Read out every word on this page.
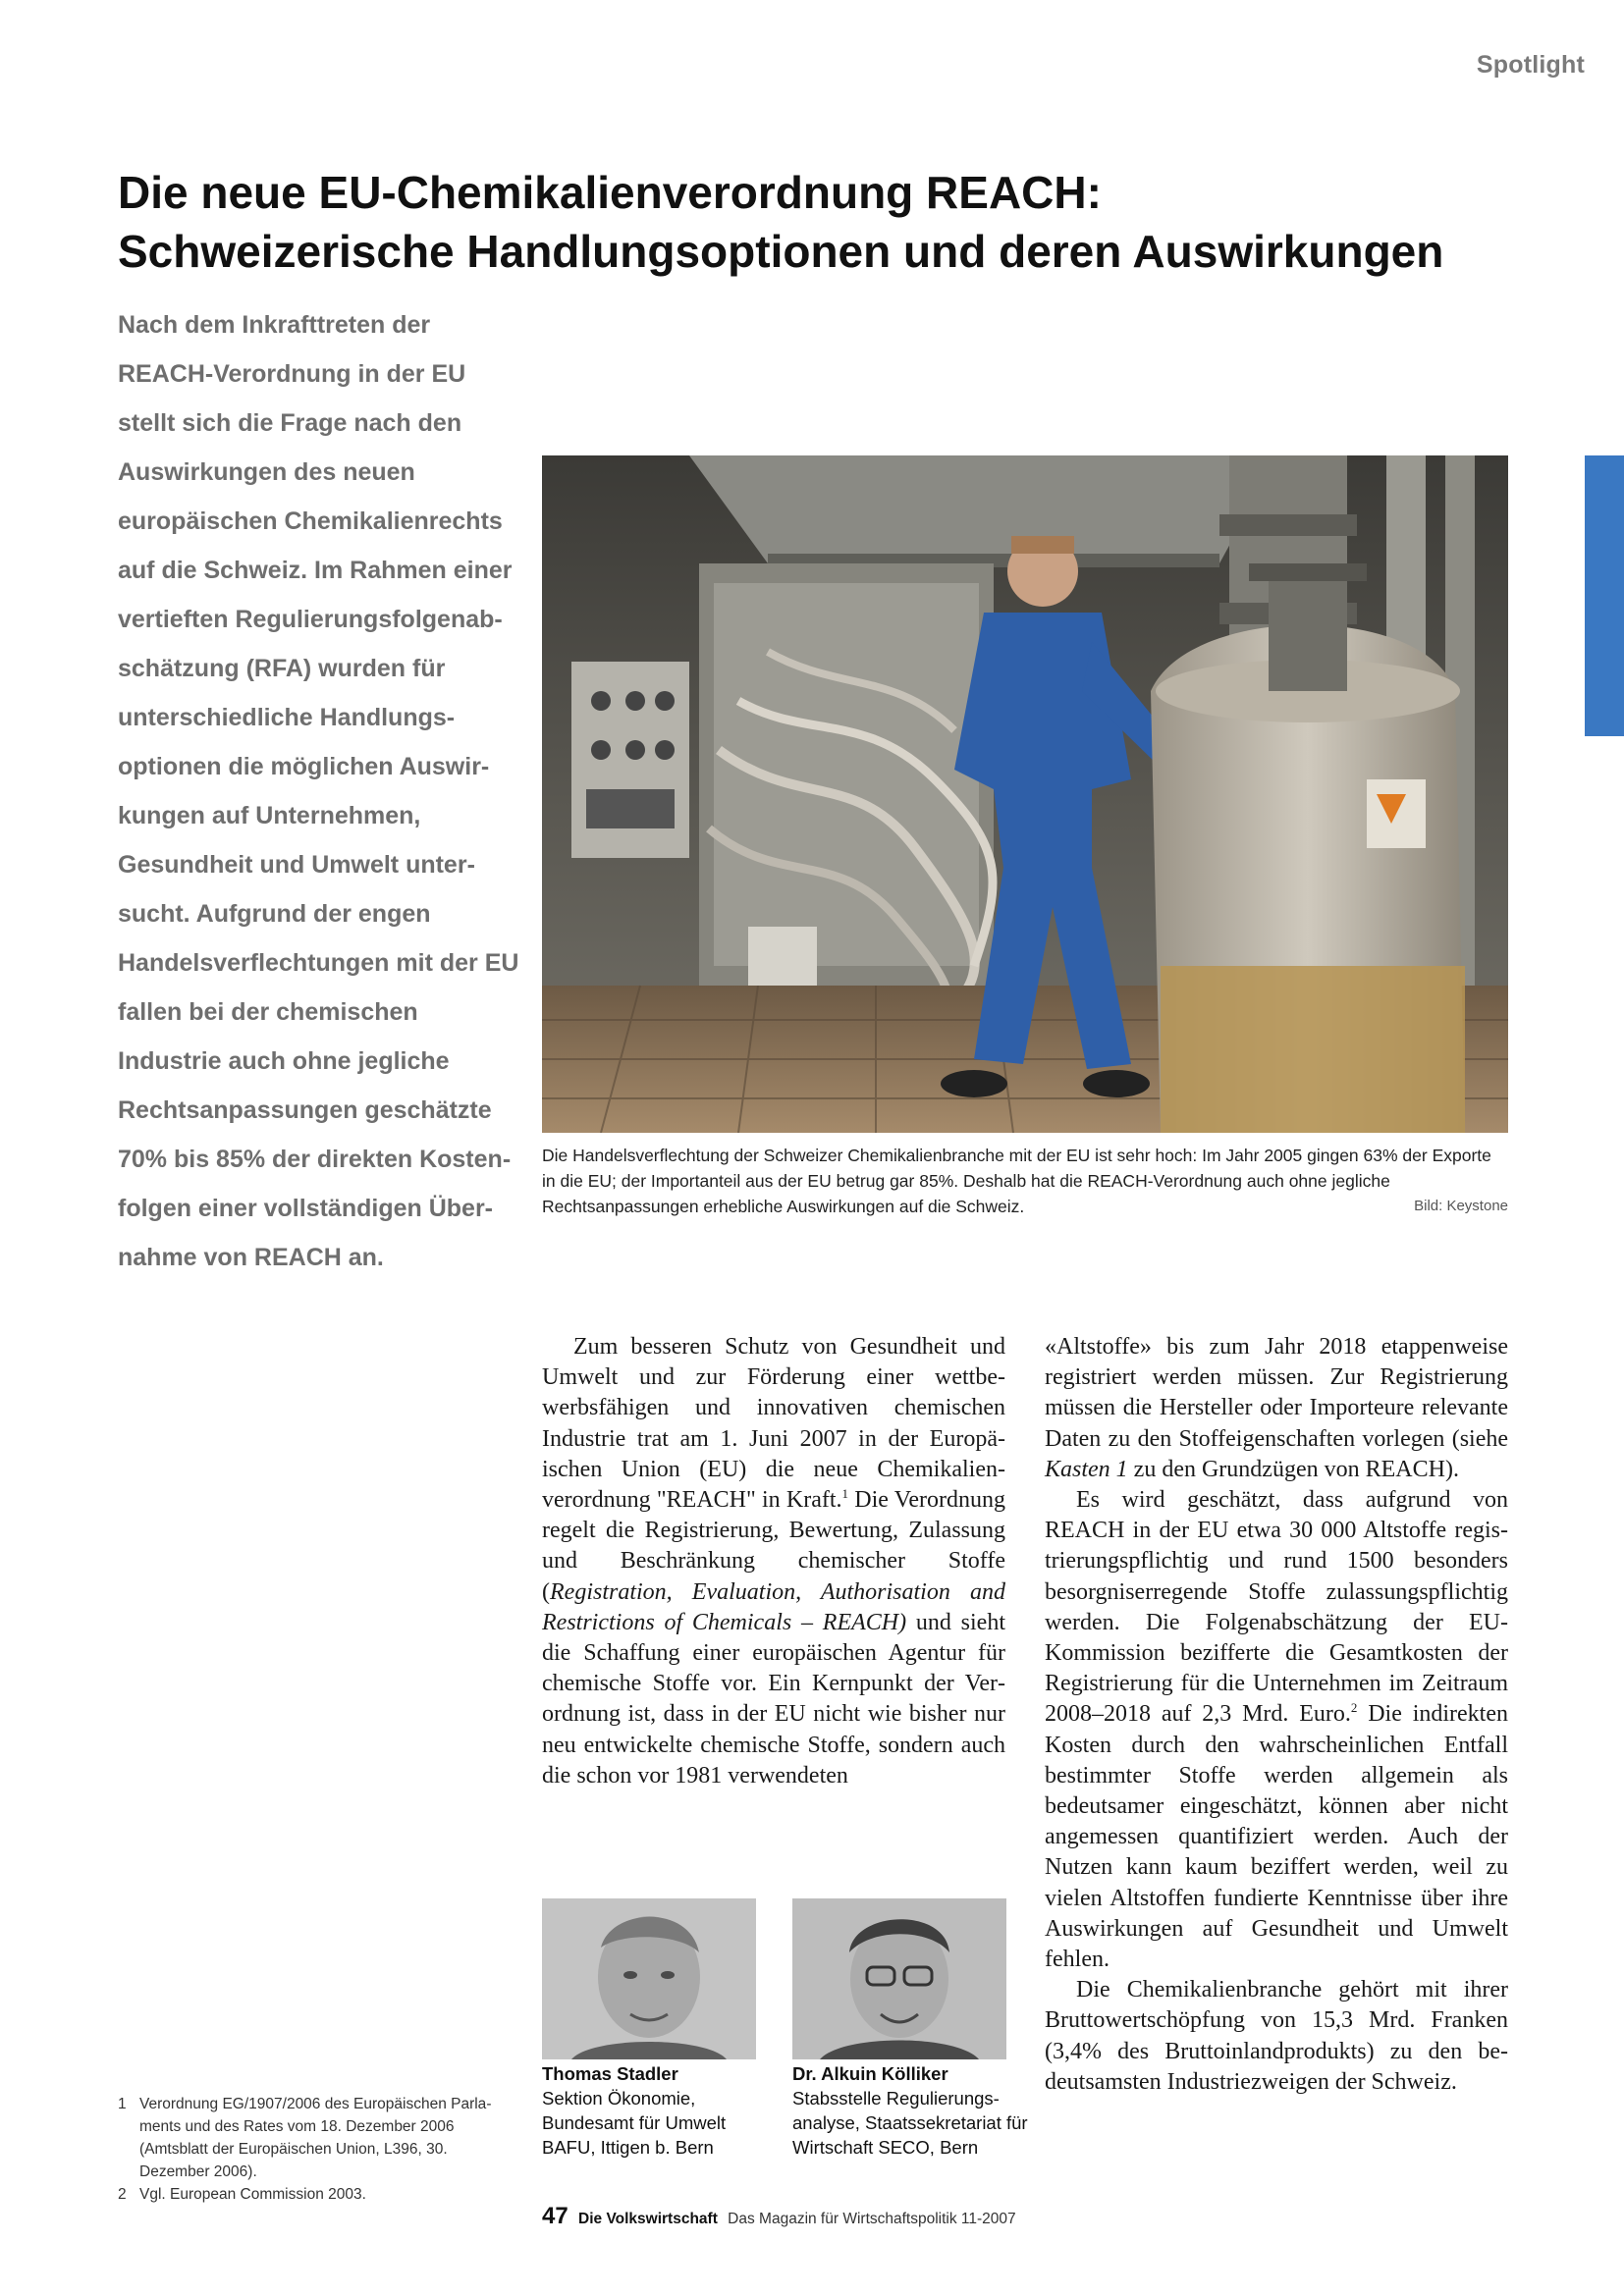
Spotlight
Die neue EU-Chemikalienverordnung REACH:
Schweizerische Handlungsoptionen und deren Auswirkungen

Nach dem Inkrafttreten der REACH-Verordnung in der EU stellt sich die Frage nach den Auswirkungen des neuen europäischen Chemikalienrechts auf die Schweiz. Im Rahmen einer vertieften Regulierungsfolgenabschätzung (RFA) wurden für unterschiedliche Handlungsoptionen die möglichen Auswirkungen auf Unternehmen, Gesundheit und Umwelt untersucht. Aufgrund der engen Handelsverflechtungen mit der EU fallen bei der chemischen Industrie auch ohne jegliche Rechtsanpassungen geschätzte 70% bis 85% der direkten Kostenfolgen einer vollständigen Übernahme von REACH an.

Die Handelsverflechtung der Schweizer Chemikalienbranche mit der EU ist sehr hoch: Im Jahr 2005 gingen 63% der Exporte in die EU; der Importanteil aus der EU betrug gar 85%. Deshalb hat die REACH-Verordnung auch ohne jegliche Rechtsanpassungen erhebliche Auswirkungen auf die Schweiz.	Bild: Keystone

Zum besseren Schutz von Gesundheit und Umwelt und zur Förderung einer wettbewerbsfähigen und innovativen chemischen Industrie trat am 1. Juni 2007 in der Europäischen Union (EU) die neue Chemikalienverordnung "REACH" in Kraft.$^1$ Die Verordnung regelt die Registrierung, Bewertung, Zulassung und Beschränkung chemischer Stoffe (Registration, Evaluation, Authorisation and Restrictions of Chemicals – REACH) und sieht die Schaffung einer europäischen Agentur für chemische Stoffe vor. Ein Kernpunkt der Verordnung ist, dass in der EU nicht wie bisher nur neu entwickelte chemische Stoffe, sondern auch die schon vor 1981 verwendeten

«Altstoffe» bis zum Jahr 2018 etappenweise registriert werden müssen. Zur Registrierung müssen die Hersteller oder Importeure relevante Daten zu den Stoffeigenschaften vorlegen (siehe Kasten 1 zu den Grundzügen von REACH).

Es wird geschätzt, dass aufgrund von REACH in der EU etwa 30 000 Altstoffe registrierungspflichtig und rund 1500 besonders besorgniserregende Stoffe zulassungspflichtig werden. Die Folgenabschätzung der EU-Kommission bezifferte die Gesamtkosten der Registrierung für die Unternehmen im Zeitraum 2008–2018 auf 2,3 Mrd. Euro.$^2$ Die indirekten Kosten durch den wahrscheinlichen Entfall bestimmter Stoffe werden allgemein als bedeutsamer eingeschätzt, können aber nicht angemessen quantifiziert werden. Auch der Nutzen kann kaum beziffert werden, weil zu vielen Altstoffen fundierte Kenntnisse über ihre Auswirkungen auf Gesundheit und Umwelt fehlen.

Die Chemikalienbranche gehört mit ihrer Bruttowertschöpfung von 15,3 Mrd. Franken (3,4% des Bruttoinlandprodukts) zu den bedeutsamsten Industriezweigen der Schweiz.

Thomas Stadler
Sektion Ökonomie, Bundesamt für Umwelt BAFU, Ittigen b. Bern
Dr. Alkuin Kölliker
Stabsstelle Regulierungsanalyse, Staatssekretariat für Wirtschaft SECO, Bern
1 Verordnung EG/1907/2006 des Europäischen Parlaments und des Rates vom 18. Dezember 2006 (Amtsblatt der Europäischen Union, L396, 30. Dezember 2006).
2 Vgl. European Commission 2003.
47 Die Volkswirtschaft Das Magazin für Wirtschaftspolitik 11-2007
